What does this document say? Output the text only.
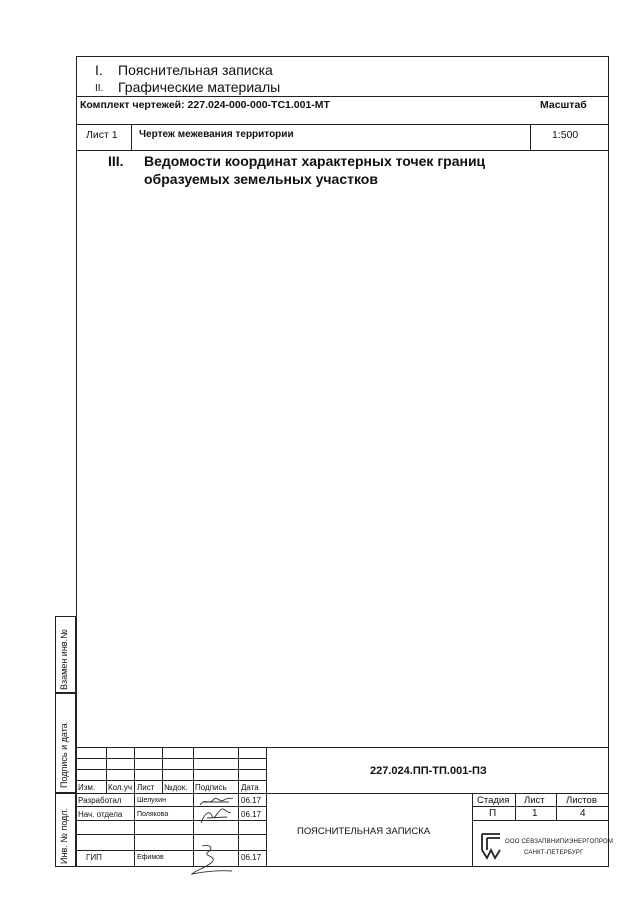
I. Пояснительная записка
II. Графические материалы
Комплект чертежей: 227.024-000-000-ТС1.001-МТ	Масштаб
Лист 1 Чертеж межевания территории	1:500
III. Ведомости координат характерных точек границ
образуемых земельных участков
Взамен инв.№
Подпись и дата
Инв. № подл.
227.024.ПП-ТП.001-ПЗ
Изм. Кол.уч Лист №док. Подпись Дата
Разработал Шелухин	06.17
Нач. отдела Полякова	06.17
ГИП	Ефимов	06.17
ПОЯСНИТЕЛЬНАЯ ЗАПИСКА
Стадия Лист Листов
П	1	4
ООО СЕВЗАПВНИПИЭНЕРГОПРОМ
САНКТ-ПЕТЕРБУРГ
